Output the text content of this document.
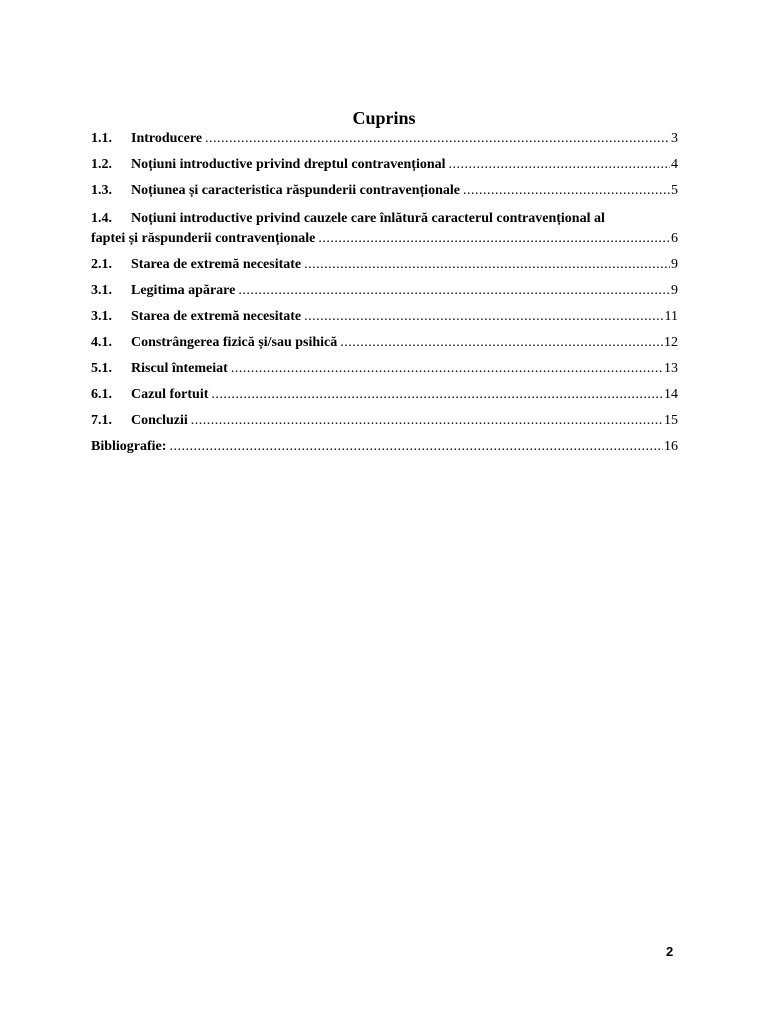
Cuprins
1.1.	Introducere .....	3
1.2.	Noțiuni introductive privind dreptul contravențional .....	4
1.3.	Noțiunea și caracteristica răspunderii contravenționale .....	5
1.4.	Noțiuni introductive privind cauzele care înlătură caracterul contravențional al
faptei și răspunderii contravenționale .....	6
2.1.	Starea de extremă necesitate .....	9
3.1.	Legitima apărare .....	9
3.1.	Starea de extremă necesitate .....	11
4.1.	Constrângerea fizică și/sau psihică .....	12
5.1.	Riscul întemeiat .....	13
6.1.	Cazul fortuit .....	14
7.1.	Concluzii .....	15
Bibliografie: .....	16
2
